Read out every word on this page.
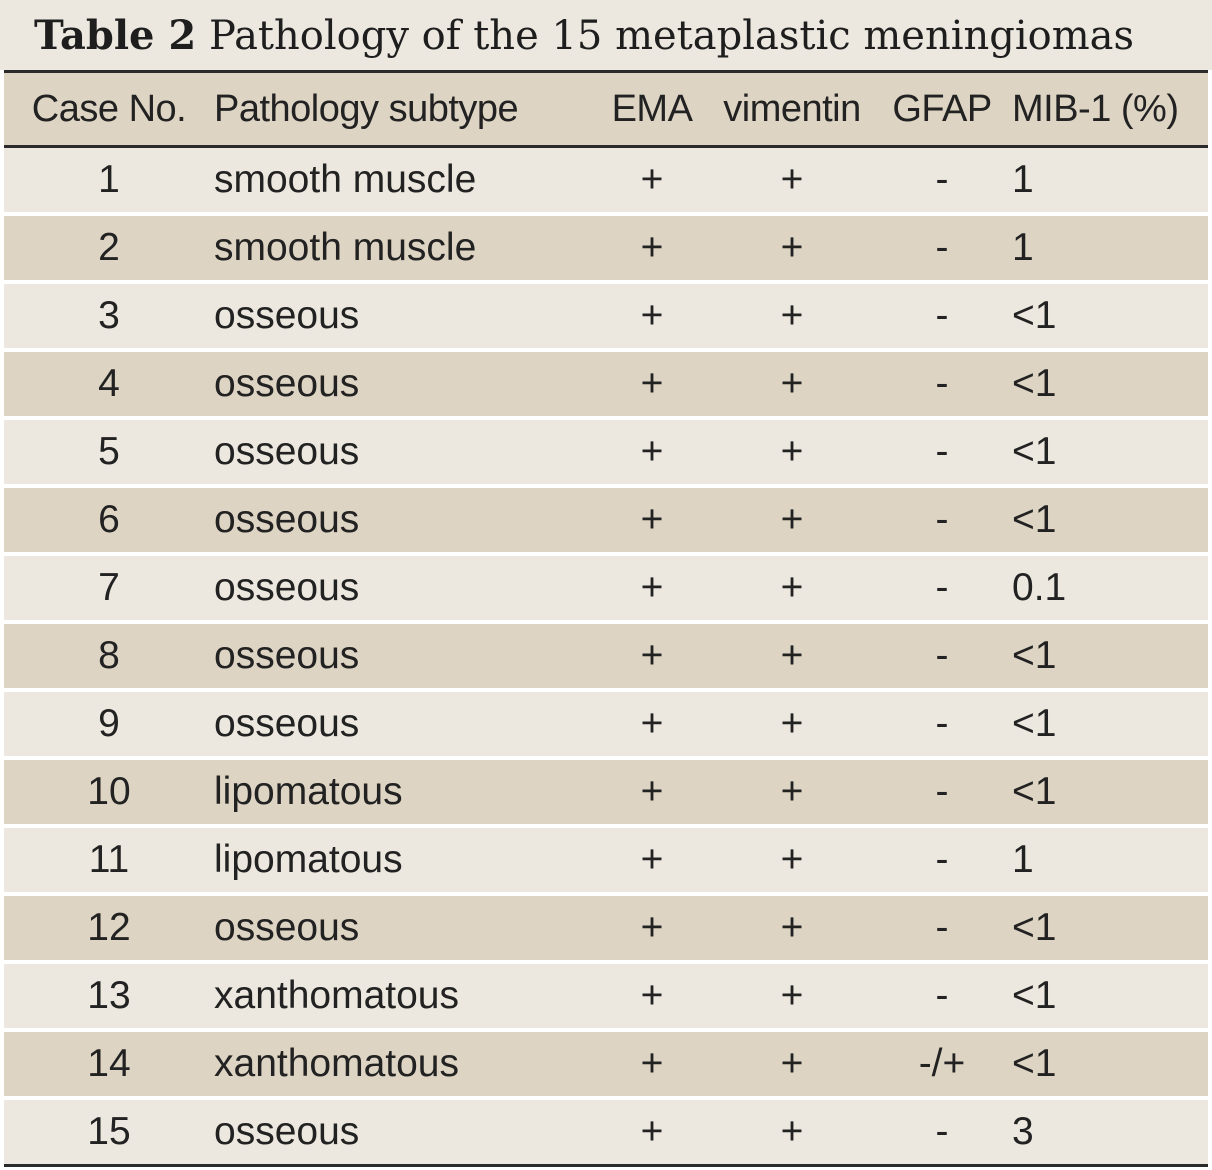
Table 2 Pathology of the 15 metaplastic meningiomas
Case No.	Pathology subtype	EMA	vimentin	GFAP	MIB-1 (%)
1	smooth muscle	+	+	-	1
2	smooth muscle	+	+	-	1
3	osseous	+	+	-	<1
4	osseous	+	+	-	<1
5	osseous	+	+	-	<1
6	osseous	+	+	-	<1
7	osseous	+	+	-	0.1
8	osseous	+	+	-	<1
9	osseous	+	+	-	<1
10	lipomatous	+	+	-	<1
11	lipomatous	+	+	-	1
12	osseous	+	+	-	<1
13	xanthomatous	+	+	-	<1
14	xanthomatous	+	+	-/+	<1
15	osseous	+	+	-	3
